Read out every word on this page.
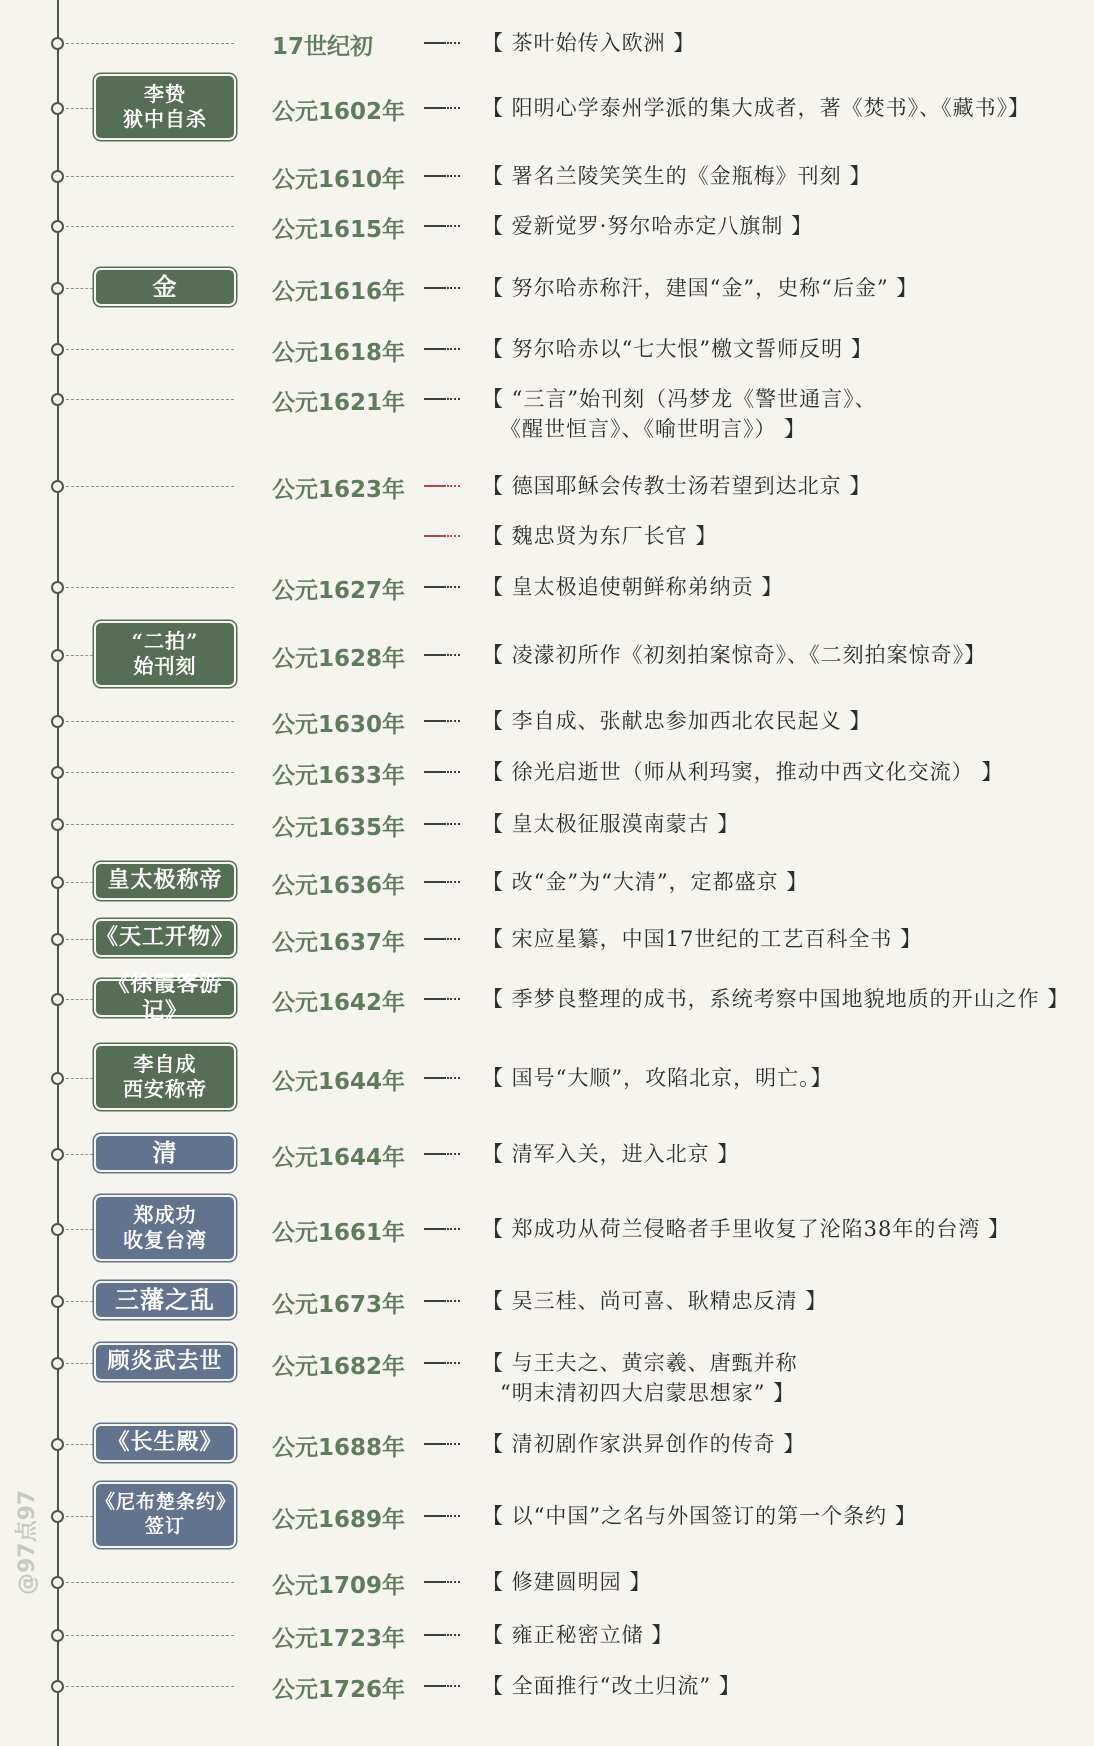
17世纪初	【 茶叶始传入欧洲 】
李贽
狱中自杀	公元1602年	【 阳明心学泰州学派的集大成者，著《焚书》、《藏书》】
公元1610年	【 署名兰陵笑笑生的《金瓶梅》刊刻 】
公元1615年	【 爱新觉罗·努尔哈赤定八旗制 】
金	公元1616年	【 努尔哈赤称汗，建国“金”，史称“后金” 】
公元1618年	【 努尔哈赤以“七大恨”檄文誓师反明 】
公元1621年	【 “三言”始刊刻（冯梦龙《警世通言》、
《醒世恒言》、《喻世明言》） 】
公元1623年	【 德国耶稣会传教士汤若望到达北京 】
【 魏忠贤为东厂长官 】
公元1627年	【 皇太极追使朝鲜称弟纳贡 】
“二拍”
始刊刻	公元1628年	【 凌濛初所作《初刻拍案惊奇》、《二刻拍案惊奇》】
公元1630年	【 李自成、张献忠参加西北农民起义 】
公元1633年	【 徐光启逝世（师从利玛窦，推动中西文化交流） 】
公元1635年	【 皇太极征服漠南蒙古 】
皇太极称帝 公元1636年	【 改“金”为“大清”，定都盛京 】
《天工开物》 公元1637年	【 宋应星纂，中国17世纪的工艺百科全书 】
《徐霞客游记》	公元1642年	【 季梦良整理的成书，系统考察中国地貌地质的开山之作 】
李自成
西安称帝	公元1644年	【 国号“大顺”，攻陷北京，明亡。】
清	公元1644年	【 清军入关，进入北京 】
郑成功
收复台湾	公元1661年	【 郑成功从荷兰侵略者手里收复了沦陷38年的台湾 】
三藩之乱 公元1673年	【 吴三桂、尚可喜、耿精忠反清 】
顾炎武去世 公元1682年	【 与王夫之、黄宗羲、唐甄并称
“明末清初四大启蒙思想家” 】
《长生殿》 公元1688年	【 清初剧作家洪昇创作的传奇 】
《尼布楚条约》
签订	公元1689年	【 以“中国”之名与外国签订的第一个条约 】
公元1709年	【 修建圆明园 】
公元1723年	【 雍正秘密立储 】
公元1726年	【 全面推行“改土归流” 】
@97点97
